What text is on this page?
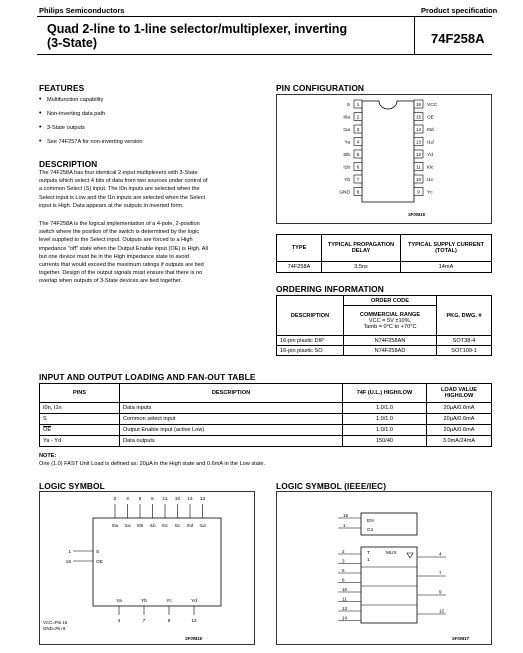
Philips Semiconductors	Product specification
Quad 2-line to 1-line selector/multiplexer, inverting
(3-State)	74F258A
FEATURES
• Multifunction capability
• Non-inverting data path
• 3-State outputs
• See 74F257A for non-inverting version
DESCRIPTION
The 74F258A has four identical 2-input multiplexers with 3-State
outputs which select 4 bits of data from two sources under control of
a common Select (S) input. The I0n inputs are selected when the
Select input is Low and the I1n inputs are selected when the Select
input is High. Data appears at the outputs in inverted form.
The 74F258A is the logical implementation of a 4-pole, 2-position
switch where the position of the switch is determined by the logic
level supplied to the Select input. Outputs are forced to a High
impedance "off" state when the Output Enable input (OE) is High. All
but one device must be in the High impedance state to avoid
currents that would exceed the maximum ratings if outputs are tied
together. Design of the output signals must ensure that there is no
overlap when outputs of 3-State devices are tied together.
PIN CONFIGURATION
1
S
2
I0a
3
I1a
4
Ya
5
I0b
6
I1b
7
Yb
8
GND
16 VCC
15 OE
14 I0d
13 I1d
12 Yd
11 I0c
10 I1c
9 Yc
SF00815
TYPE	TYPICAL PROPAGATION DELAY	TYPICAL SUPPLY CURRENT (TOTAL)
74F258A	3.5ns	14mA
ORDERING INFORMATION
DESCRIPTION	ORDER CODE	PKG. DWG. #

	COMMERCIAL RANGE
VCC = 5V ±10%,
Tamb = 0°C to +70°C	

16-pin plastic DIP	N74F258AN	SOT38-4
16-pin plastic SO	N74F258AD	SOT109-1
INPUT AND OUTPUT LOADING AND FAN-OUT TABLE
PINS	DESCRIPTION	74F (U.L.) HIGH/LOW	LOAD VALUE HIGH/LOW
I0n, I1n	Data inputs	1.0/1.0	20µA/0.6mA
S	Common select input	1.0/1.0	20µA/0.6mA
$\overline{OE}$	Output Enable input (active Low)	1.0/1.0	20µA/0.6mA
Ya - Yd	Data outputs	150/40	3.0mA/24mA
NOTE:
One (1.0) FAST Unit Load is defined as: 20µA in the High state and 0.6mA in the Low state.
LOGIC SYMBOL
2
I0a
3
I1a
5
I0b
6
I1b
11
I0c
10
I1c
14
I0d
13
I1d
1	S
15	OE
Ya
4
Yb
7
Yc
9
Yd
12
VCC=Pin 16
GND=Pin 8
SF00816
LOGIC SYMBOL (IEEE/IEC)
EN
G1
T
1
MUX
15
1
2
3
5
6
10
11
13
14
4
7
9
12
SF00817
